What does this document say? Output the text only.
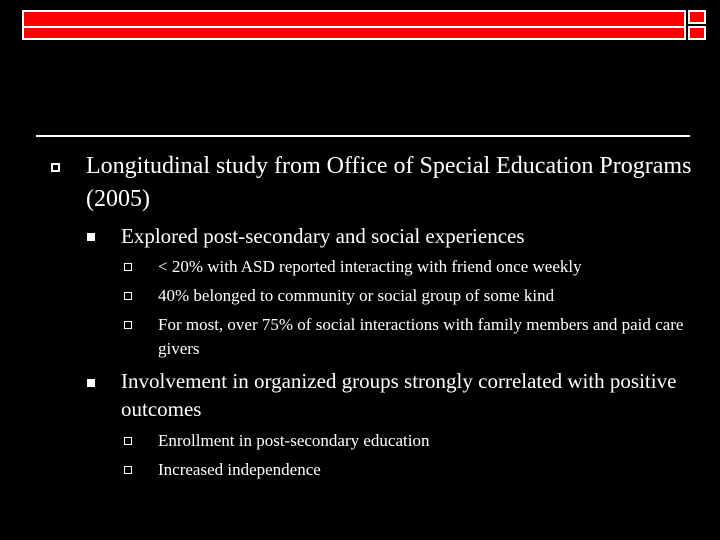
Longitudinal study from Office of Special Education Programs (2005)
Explored post-secondary and social experiences
< 20% with ASD reported interacting with friend once weekly
40% belonged to community or social group of some kind
For most, over 75% of social interactions with family members and paid care givers
Involvement in organized groups strongly correlated with positive outcomes
Enrollment in post-secondary education
Increased independence
